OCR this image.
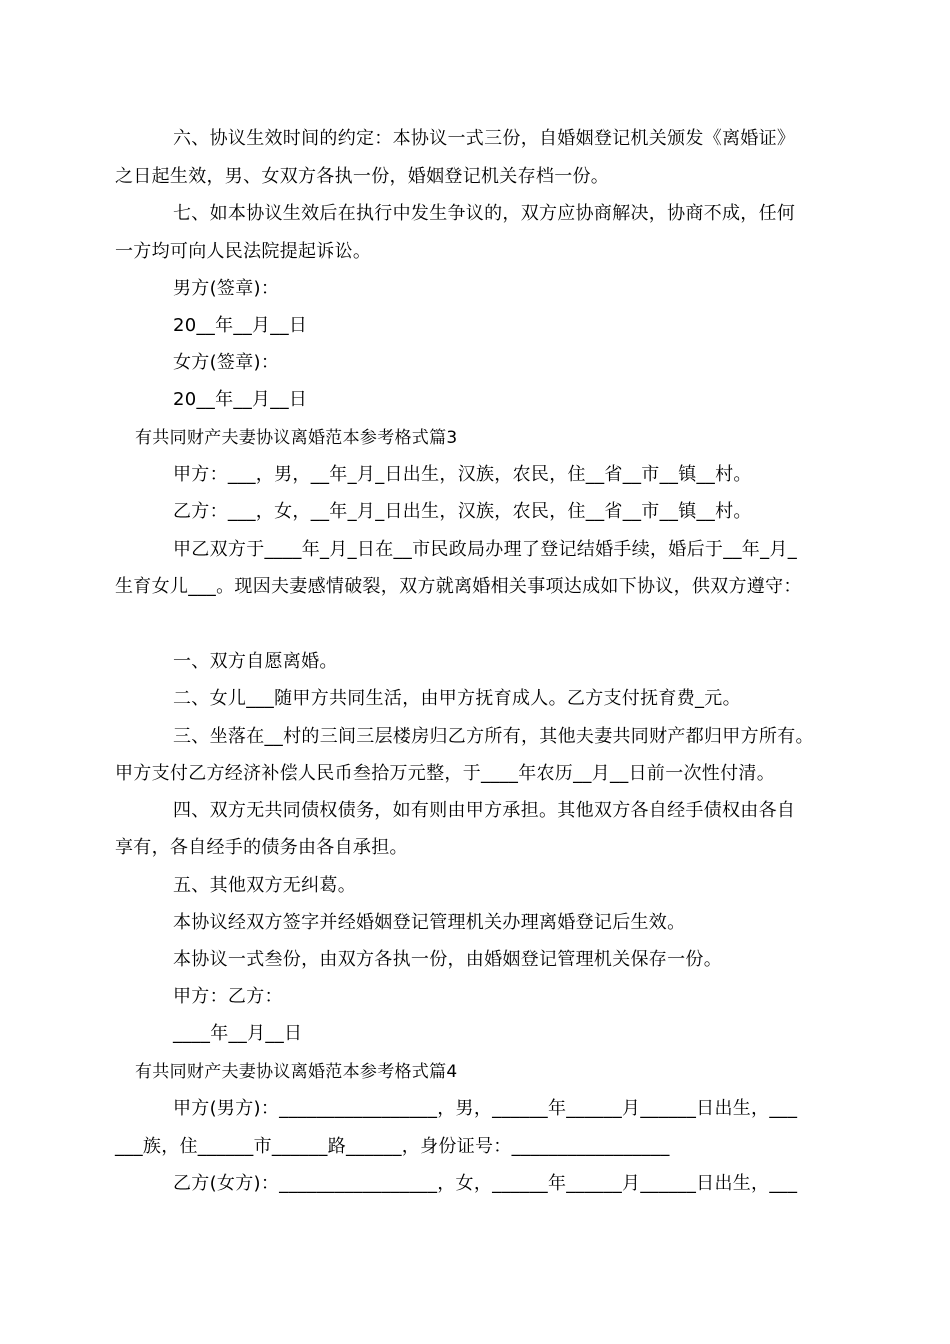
六、协议生效时间的约定：本协议一式三份，自婚姻登记机关颁发《离婚证》
之日起生效，男、女双方各执一份，婚姻登记机关存档一份。
七、如本协议生效后在执行中发生争议的，双方应协商解决，协商不成，任何
一方均可向人民法院提起诉讼。
男方(签章)：
20__年__月__日
女方(签章)：
20__年__月__日
有共同财产夫妻协议离婚范本参考格式篇3
甲方：___，男，__年_月_日出生，汉族，农民，住__省__市__镇__村。
乙方：___，女，__年_月_日出生，汉族，农民，住__省__市__镇__村。
甲乙双方于____年_月_日在__市民政局办理了登记结婚手续，婚后于__年_月_
生育女儿___。现因夫妻感情破裂，双方就离婚相关事项达成如下协议，供双方遵守：
一、双方自愿离婚。
二、女儿___随甲方共同生活，由甲方抚育成人。乙方支付抚育费_元。
三、坐落在__村的三间三层楼房归乙方所有，其他夫妻共同财产都归甲方所有。
甲方支付乙方经济补偿人民币叁拾万元整，于____年农历__月__日前一次性付清。
四、双方无共同债权债务，如有则由甲方承担。其他双方各自经手债权由各自
享有，各自经手的债务由各自承担。
五、其他双方无纠葛。
本协议经双方签字并经婚姻登记管理机关办理离婚登记后生效。
本协议一式叁份，由双方各执一份，由婚姻登记管理机关保存一份。
甲方：乙方：
____年__月__日
有共同财产夫妻协议离婚范本参考格式篇4
甲方(男方)：_________________，男，______年______月______日出生，___
___族，住______市______路______，身份证号：_________________
乙方(女方)：_________________，女，______年______月______日出生，___
